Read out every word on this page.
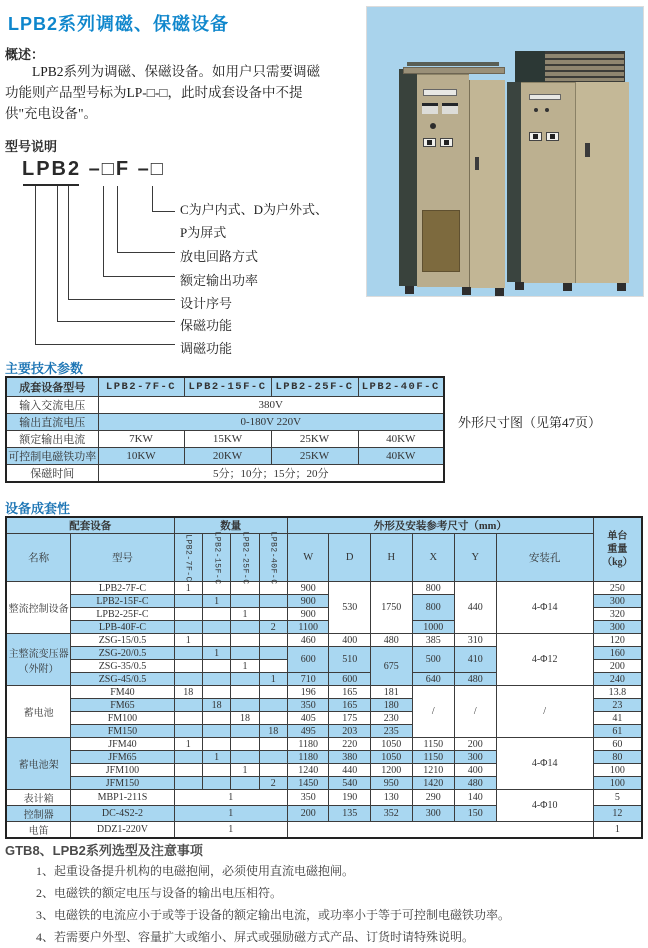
LPB2系列调磁、保磁设备
概述：
LPB2系列为调磁、保磁设备。如用户只需要调磁功能则产品型号标为LP-□-□，此时成套设备中不提供"充电设备"。
型号说明
LPB2 –□F –□
C为户内式、D为户外式、
P为屏式
放电回路方式
额定输出功率
设计序号
保磁功能
调磁功能
主要技术参数
成套设备型号	LPB2-7F-C	LPB2-15F-C	LPB2-25F-C	LPB2-40F-C
输入交流电压	380V			
输出直流电压	0-180V 220V			
额定输出电流	7KW	15KW	25KW	40KW
可控制电磁铁功率	10KW	20KW	25KW	40KW
保磁时间	5分；10分；15分；20分			
外形尺寸图（见第47页）
设备成套性
配套设备		数量				外形及安装参考尺寸（mm）						单台
重量
（kg）

名称	型号	LPB2-7F-C	LPB2-15F-C	LPB2-25F-C	LPB2-40F-C	W	D	H	X	Y	安装孔	
整流控制设备	LPB2-7F-C	1				900	530	1750	800	440	4-Φ14	250
	LPB2-15F-C		1			900			800			300
	LPB2-25F-C			1		900						320
	LPB-40F-C				2	1100			1000			300
主整流变压器（外附）	ZSG-15/0.5	1				460	400	480	385	310	4-Φ12	120
	ZSG-20/0.5		1			600	510	675	500	410		160
	ZSG-35/0.5			1								200
	ZSG-45/0.5				1	710	600		640	480		240
蓄电池	FM40	18				196	165	181	/	/	/	13.8
	FM65		18			350	165	180				23
	FM100			18		405	175	230				41
	FM150				18	495	203	235				61
蓄电池架	JFM40	1				1180	220	1050	1150	200	4-Φ14	60
	JFM65		1			1180	380	1050	1150	300		80
	JFM100			1		1240	440	1200	1210	400		100
	JFM150				2	1450	540	950	1420	480		100
表计箱	MBP1-211S	1				350	190	130	290	140	4-Φ10	5
控制器	DC-4S2-2	1				200	135	352	300	150		12
电笛	DDZ1-220V	1										1
GTB8、LPB2系列选型及注意事项
1、起重设备提升机构的电磁抱闸，必须使用直流电磁抱闸。
2、电磁铁的额定电压与设备的输出电压相符。
3、电磁铁的电流应小于或等于设备的额定输出电流，或功率小于等于可控制电磁铁功率。
4、若需要户外型、容量扩大或缩小、屏式或强励磁方式产品、订货时请特殊说明。
